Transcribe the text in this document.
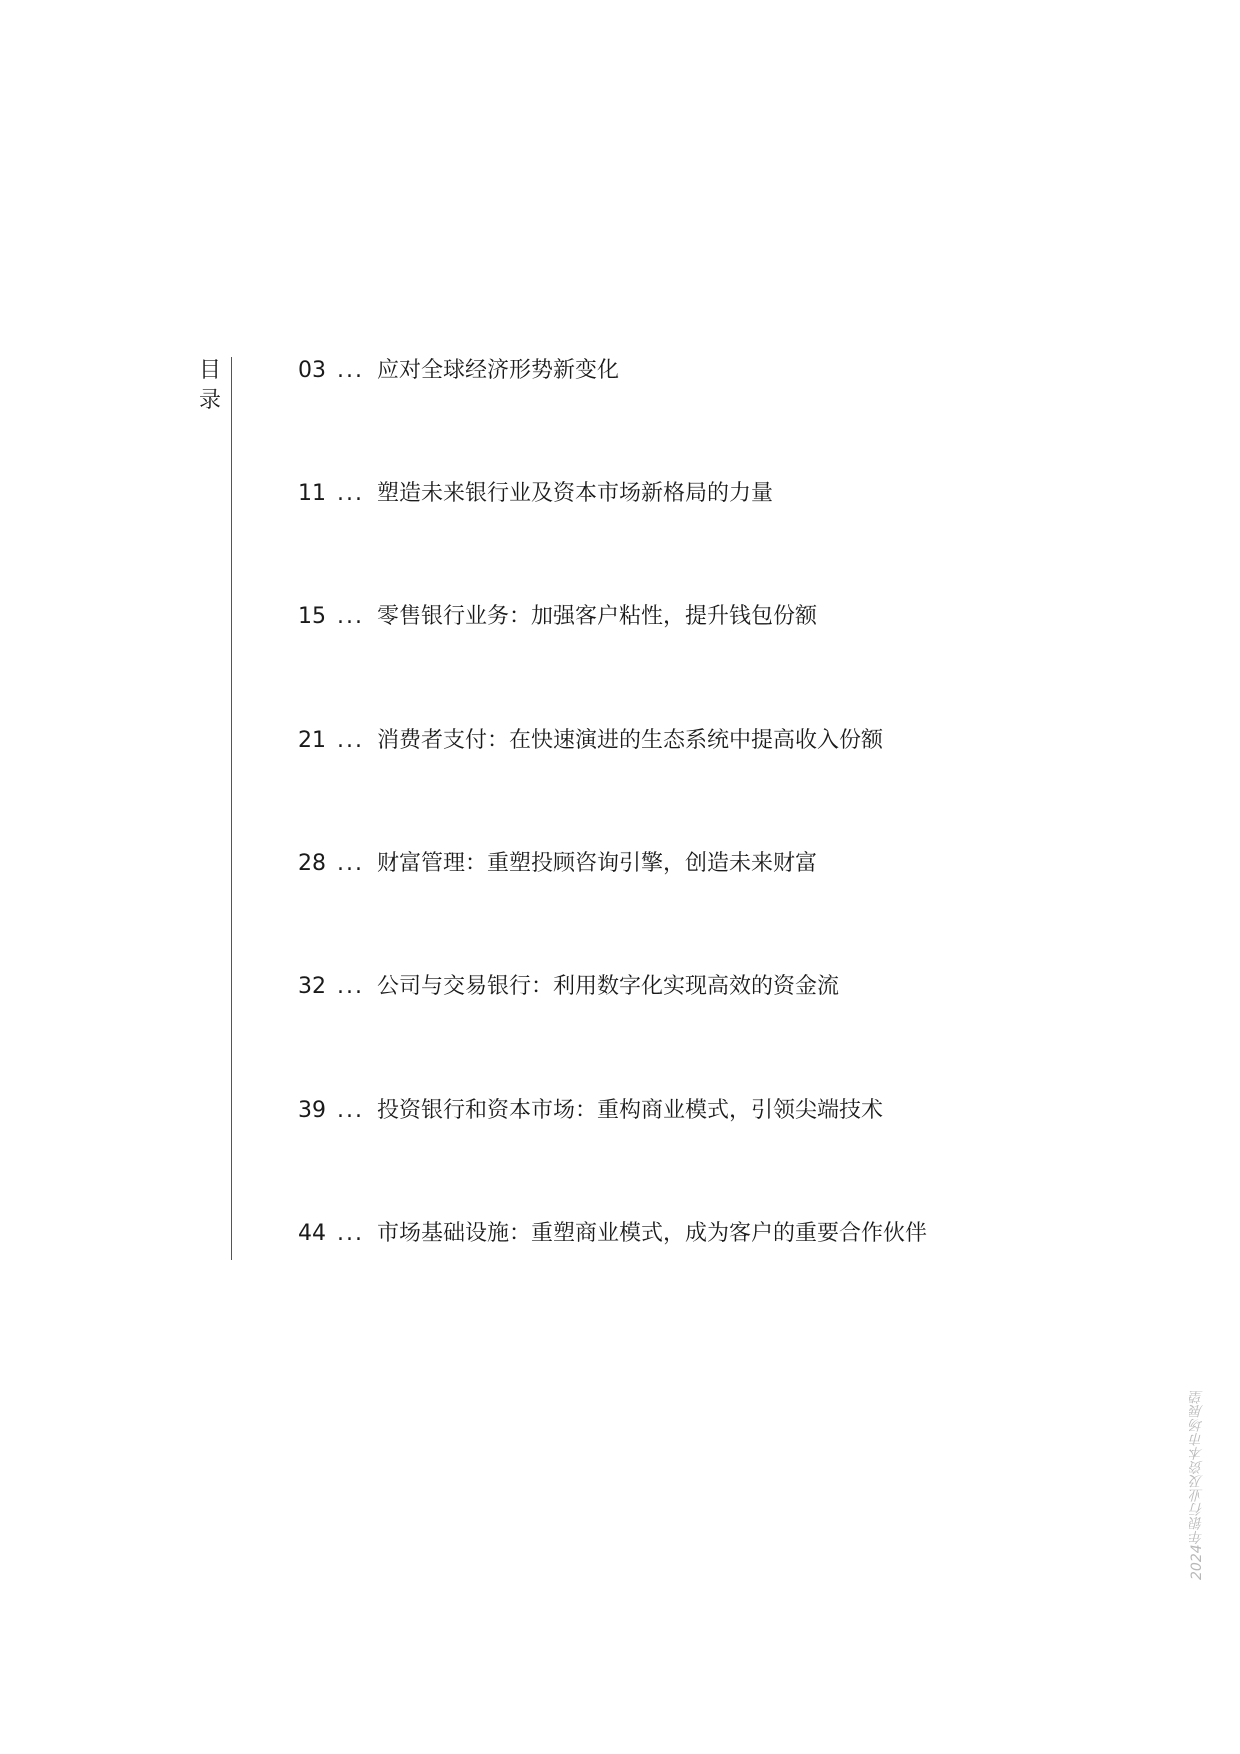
目
录
03 ... 应对全球经济形势新变化
11 ... 塑造未来银行业及资本市场新格局的力量
15 ... 零售银行业务：加强客户粘性，提升钱包份额
21 ... 消费者支付：在快速演进的生态系统中提高收入份额
28 ... 财富管理：重塑投顾咨询引擎，创造未来财富
32 ... 公司与交易银行：利用数字化实现高效的资金流
39 ... 投资银行和资本市场：重构商业模式，引领尖端技术
44 ... 市场基础设施：重塑商业模式，成为客户的重要合作伙伴
2024年银行业及资本市场展望
